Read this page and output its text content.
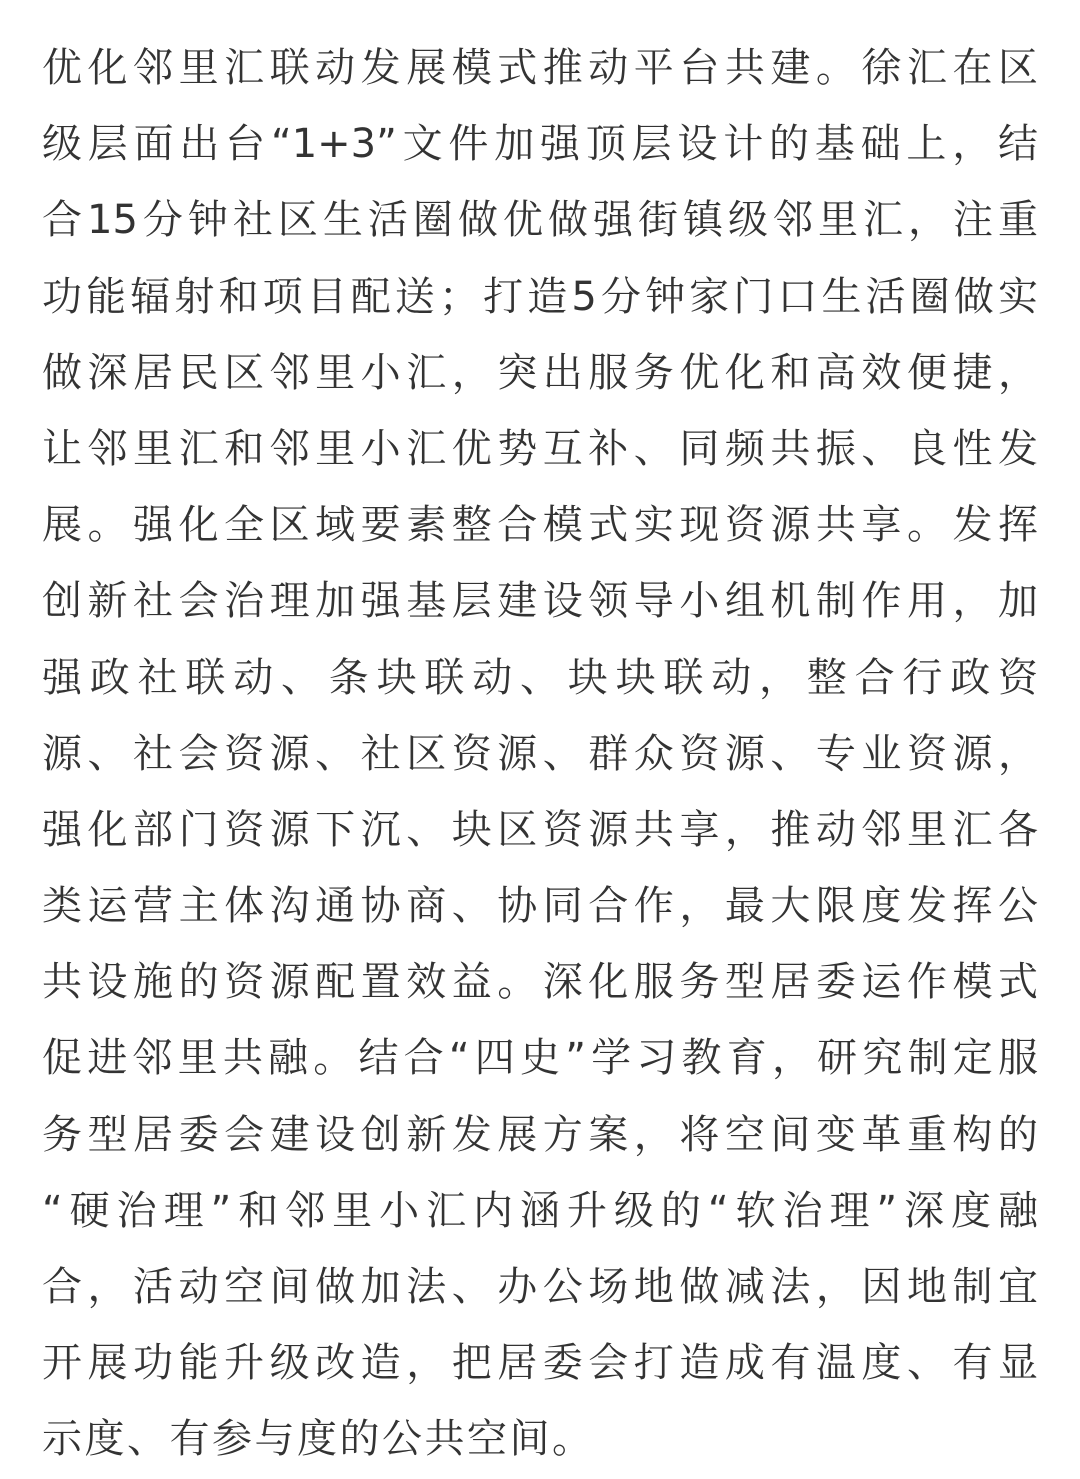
优化邻里汇联动发展模式推动平台共建。徐汇在区
级层面出台“1+3”文件加强顶层设计的基础上，结
合15分钟社区生活圈做优做强街镇级邻里汇，注重
功能辐射和项目配送；打造5分钟家门口生活圈做实
做深居民区邻里小汇，突出服务优化和高效便捷，
让邻里汇和邻里小汇优势互补、同频共振、良性发
展。强化全区域要素整合模式实现资源共享。发挥
创新社会治理加强基层建设领导小组机制作用，加
强政社联动、条块联动、块块联动，整合行政资
源、社会资源、社区资源、群众资源、专业资源，
强化部门资源下沉、块区资源共享，推动邻里汇各
类运营主体沟通协商、协同合作，最大限度发挥公
共设施的资源配置效益。深化服务型居委运作模式
促进邻里共融。结合“四史”学习教育，研究制定服
务型居委会建设创新发展方案，将空间变革重构的
“硬治理”和邻里小汇内涵升级的“软治理”深度融
合，活动空间做加法、办公场地做减法，因地制宜
开展功能升级改造，把居委会打造成有温度、有显
示度、有参与度的公共空间。
